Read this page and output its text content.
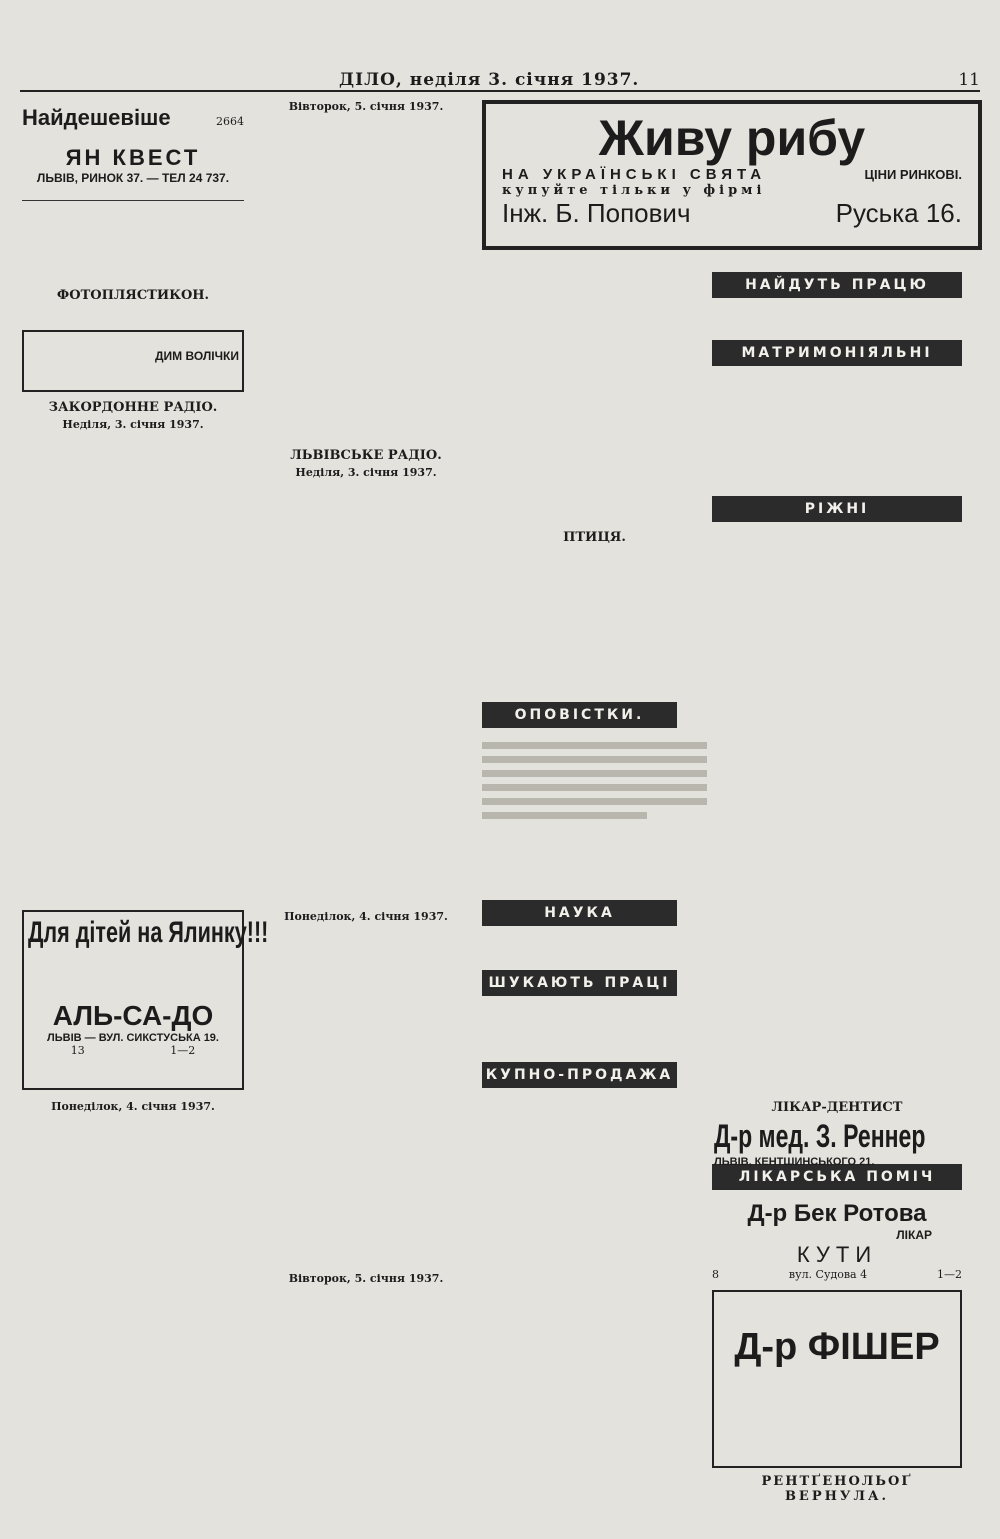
ДІЛО, неділя 3. січня 1937.	11
Найдешевіше	2664
ЯН КВЕСТ
ЛЬВІВ, РИНОК 37. — ТЕЛ 24 737.
ФОТОПЛЯСТИКОН.
ДИМ ВОЛІЧКИ
ЗАКОРДОННЕ РАДІО.
Неділя, 3. січня 1937.
Для дітей на Ялинку!!!
АЛЬ-СА-ДО
ЛЬВІВ — ВУЛ. СИКСТУСЬКА 19.
13	1—2
Понеділок, 4. січня 1937.
Вівторок, 5. січня 1937.
ЛЬВІВСЬКЕ РАДІО.
Неділя, 3. січня 1937.
Понеділок, 4. січня 1937.
Вівторок, 5. січня 1937.
Живу рибу
НА УКРАЇНСЬКІ СВЯТА
купуйте тільки у фірмі
ЦІНИ РИНКОВІ.
Інж. Б. Попович	Руська 16.
ПТИЦЯ.
ОПОВІСТКИ.
НАУКА
ШУКАЮТЬ ПРАЦІ
КУПНО-ПРОДАЖА
НАЙДУТЬ ПРАЦЮ
МАТРИМОНІЯЛЬНІ
РІЖНІ
ЛІКАРСЬКА ПОМІЧ
ЛІКАР-ДЕНТИСТ
Д-р мед. З. Реннер
ЛЬВІВ, КЕНТШИНСЬКОГО 21.
Д-р Бек Ротова
ЛІКАР
КУТИ
8	вул. Судова 4	1—2
Д-р ФІШЕР
РЕНТҐЕНОЛЬОҐ
ВЕРНУЛА.
